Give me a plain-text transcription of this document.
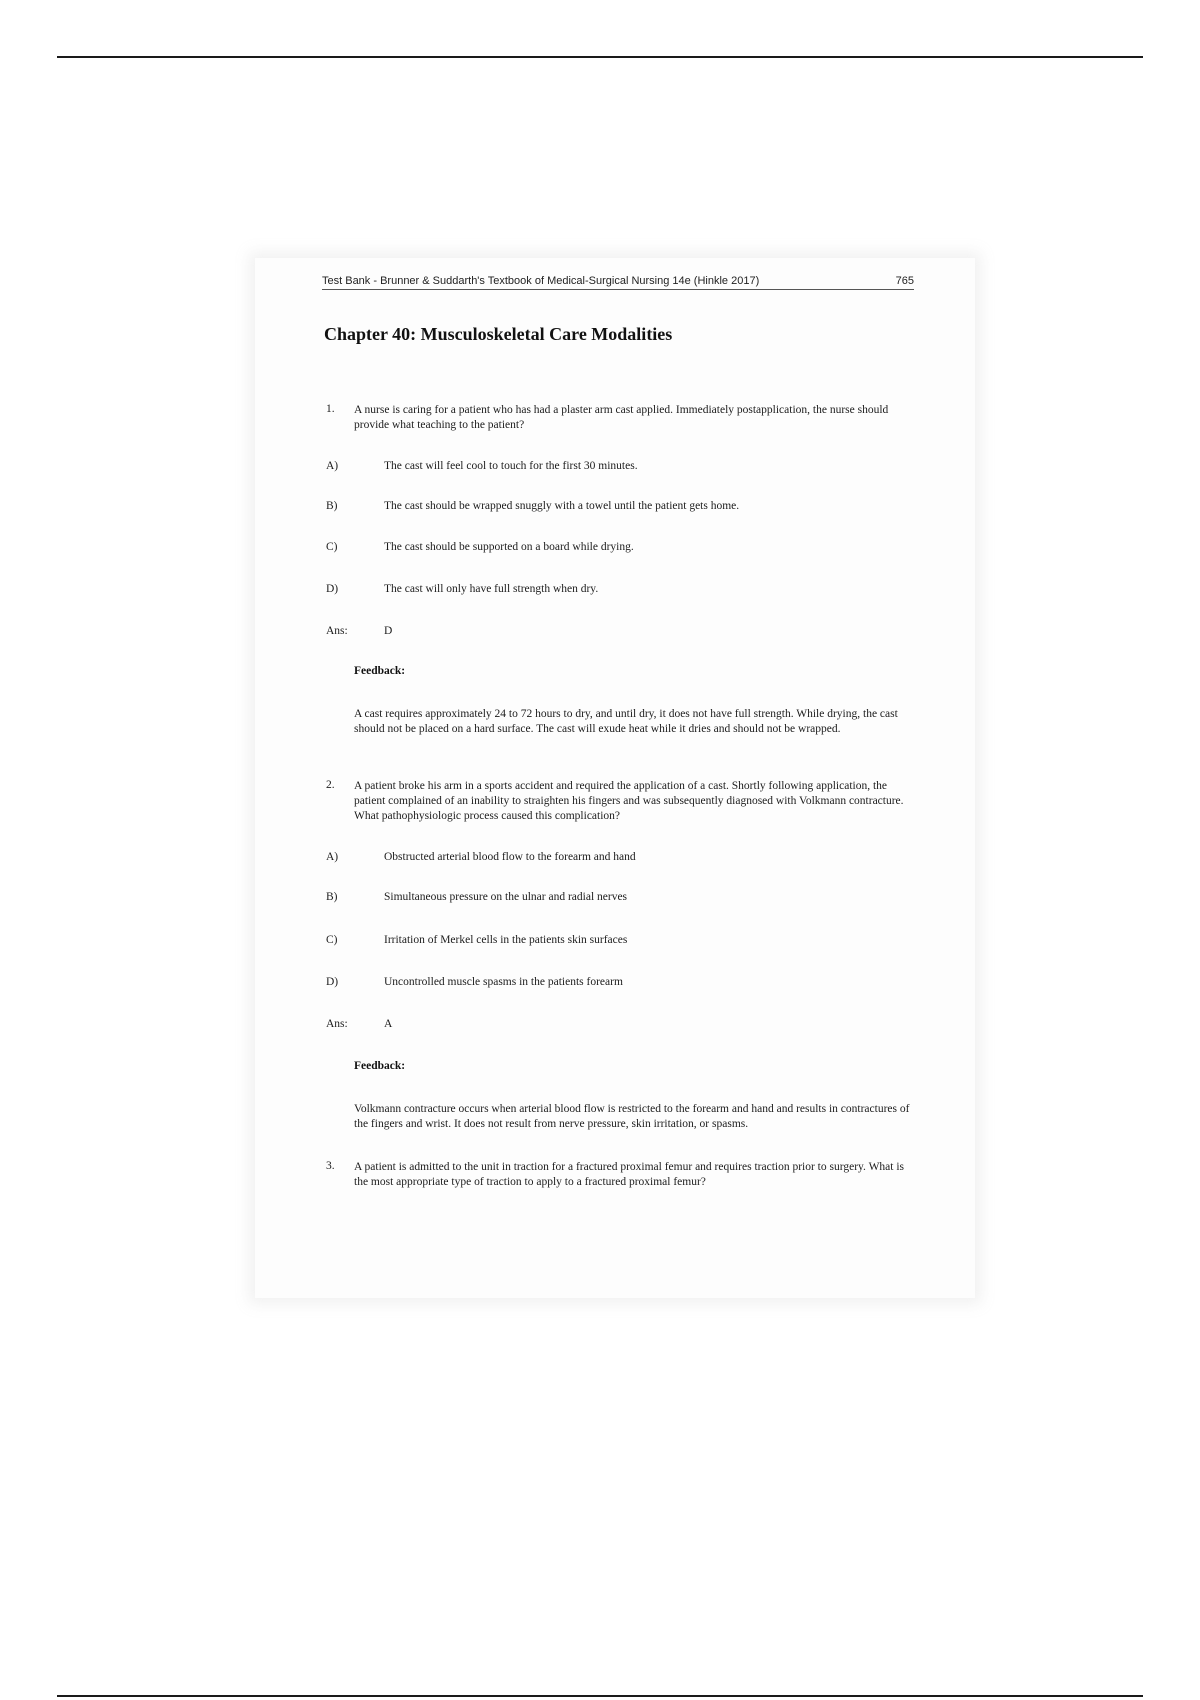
Test Bank - Brunner & Suddarth's Textbook of Medical-Surgical Nursing 14e (Hinkle 2017)	765
Chapter 40: Musculoskeletal Care Modalities
1. A nurse is caring for a patient who has had a plaster arm cast applied. Immediately postapplication, the nurse should provide what teaching to the patient?
A)	The cast will feel cool to touch for the first 30 minutes.
B)	The cast should be wrapped snuggly with a towel until the patient gets home.
C)	The cast should be supported on a board while drying.
D)	The cast will only have full strength when dry.
Ans:	D
Feedback:
A cast requires approximately 24 to 72 hours to dry, and until dry, it does not have full strength. While drying, the cast should not be placed on a hard surface. The cast will exude heat while it dries and should not be wrapped.
2. A patient broke his arm in a sports accident and required the application of a cast. Shortly following application, the patient complained of an inability to straighten his fingers and was subsequently diagnosed with Volkmann contracture. What pathophysiologic process caused this complication?
A)	Obstructed arterial blood flow to the forearm and hand
B)	Simultaneous pressure on the ulnar and radial nerves
C)	Irritation of Merkel cells in the patients skin surfaces
D)	Uncontrolled muscle spasms in the patients forearm
Ans:	A
Feedback:
Volkmann contracture occurs when arterial blood flow is restricted to the forearm and hand and results in contractures of the fingers and wrist. It does not result from nerve pressure, skin irritation, or spasms.
3. A patient is admitted to the unit in traction for a fractured proximal femur and requires traction prior to surgery. What is the most appropriate type of traction to apply to a fractured proximal femur?
